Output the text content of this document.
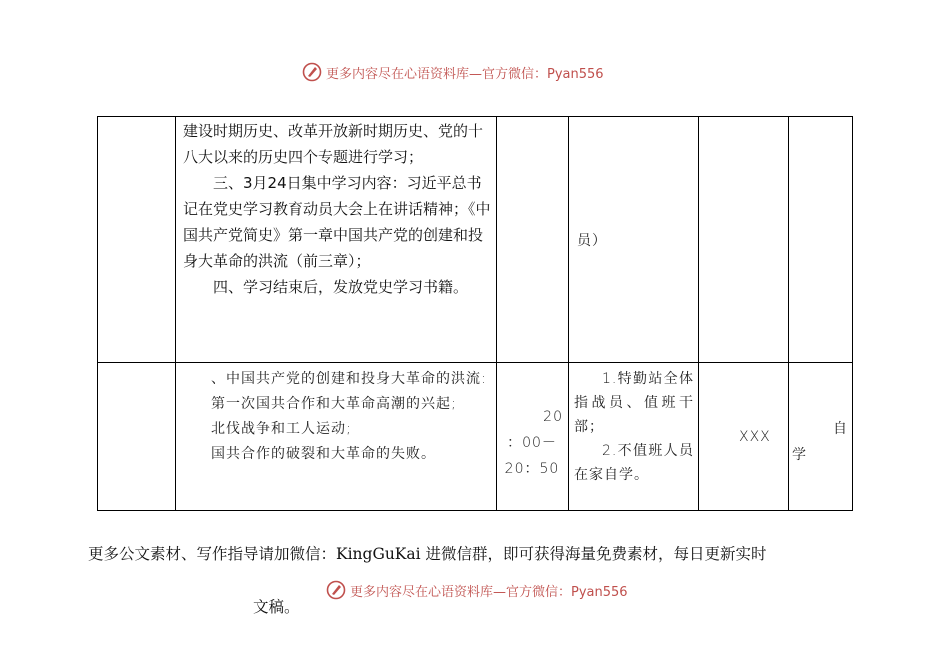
更多内容尽在心语资料库—官方微信：Pyan556
建设时期历史、改革开放新时期历史、党的十八大以来的历史四个专题进行学习；
三、3月24日集中学习内容：习近平总书记在党史学习教育动员大会上在讲话精神；《中国共产党简史》第一章中国共产党的创建和投身大革命的洪流（前三章）；
四、学习结束后，发放党史学习书籍。
员）
、中国共产党的创建和投身大革命的洪流:
第一次国共合作和大革命高潮的兴起;
北伐战争和工人运动;
国共合作的破裂和大革命的失败。
20
：00－
20：50
1.特勤站全体指战员、值班干部；
2.不值班人员在家自学。
XXX	自
学
更多公文素材、写作指导请加微信：KingGuKai 进微信群，即可获得海量免费素材，每日更新实时
更多内容尽在心语资料库—官方微信：Pyan556
文稿。
